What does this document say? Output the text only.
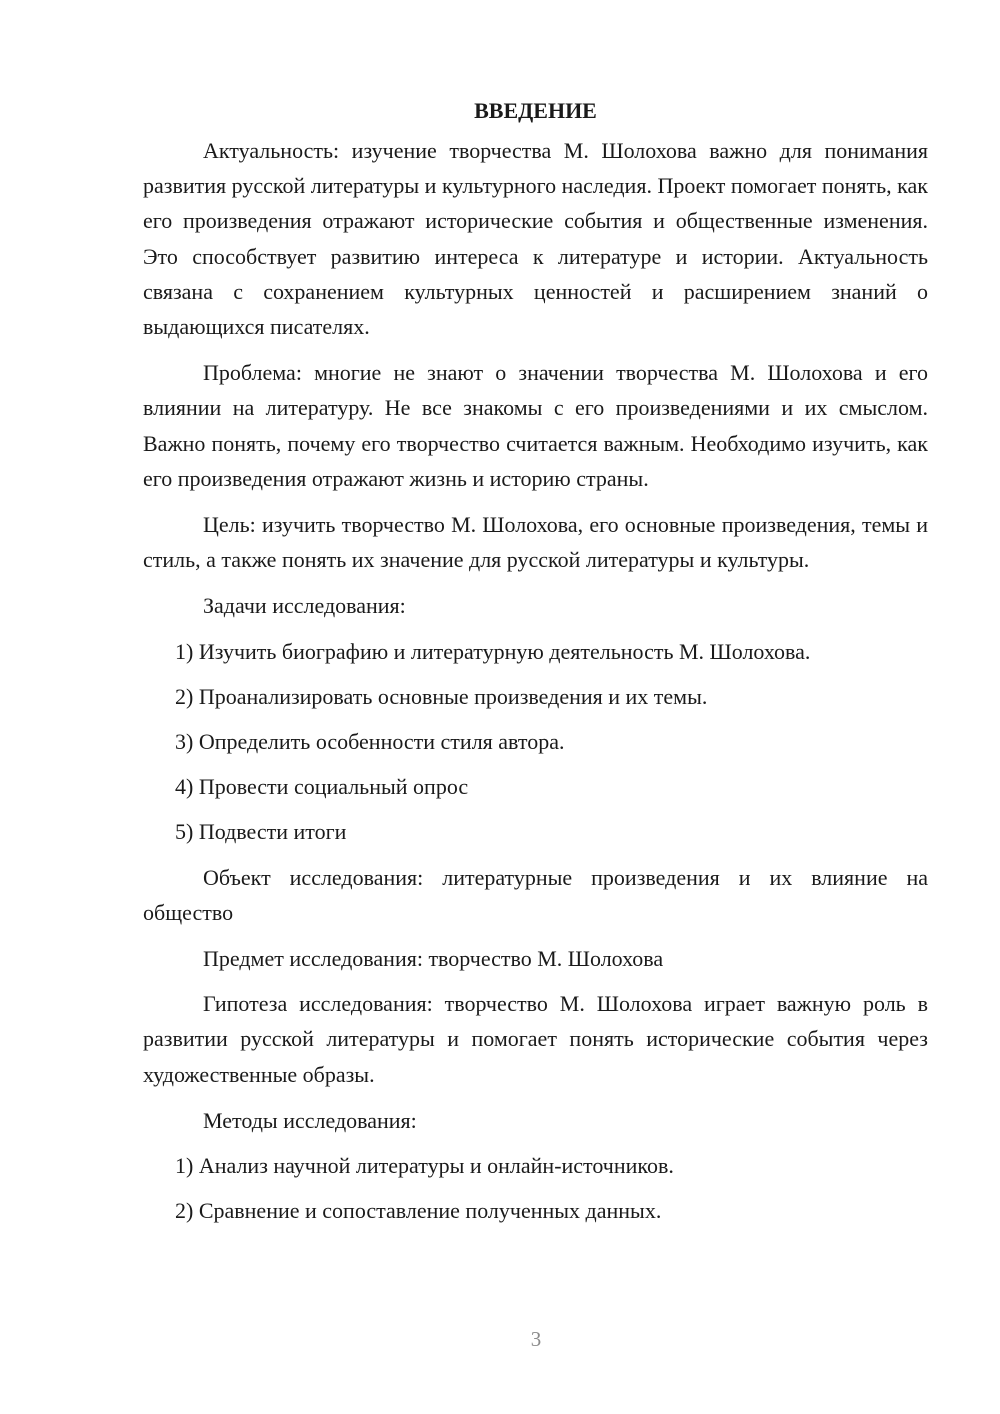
ВВЕДЕНИЕ

Актуальность: изучение творчества М. Шолохова важно для понимания развития русской литературы и культурного наследия. Проект помогает понять, как его произведения отражают исторические события и общественные изменения. Это способствует развитию интереса к литературе и истории. Актуальность связана с сохранением культурных ценностей и расширением знаний о выдающихся писателях.

Проблема: многие не знают о значении творчества М. Шолохова и его влиянии на литературу. Не все знакомы с его произведениями и их смыслом. Важно понять, почему его творчество считается важным. Необходимо изучить, как его произведения отражают жизнь и историю страны.

Цель: изучить творчество М. Шолохова, его основные произведения, темы и стиль, а также понять их значение для русской литературы и культуры.

Задачи исследования:

1) Изучить биографию и литературную деятельность М. Шолохова.
2) Проанализировать основные произведения и их темы.
3) Определить особенности стиля автора.
4) Провести социальный опрос
5) Подвести итоги

Объект исследования: литературные произведения и их влияние на общество

Предмет исследования: творчество М. Шолохова

Гипотеза исследования: творчество М. Шолохова играет важную роль в развитии русской литературы и помогает понять исторические события через художественные образы.

Методы исследования:

1) Анализ научной литературы и онлайн-источников.
2) Сравнение и сопоставление полученных данных.
3
